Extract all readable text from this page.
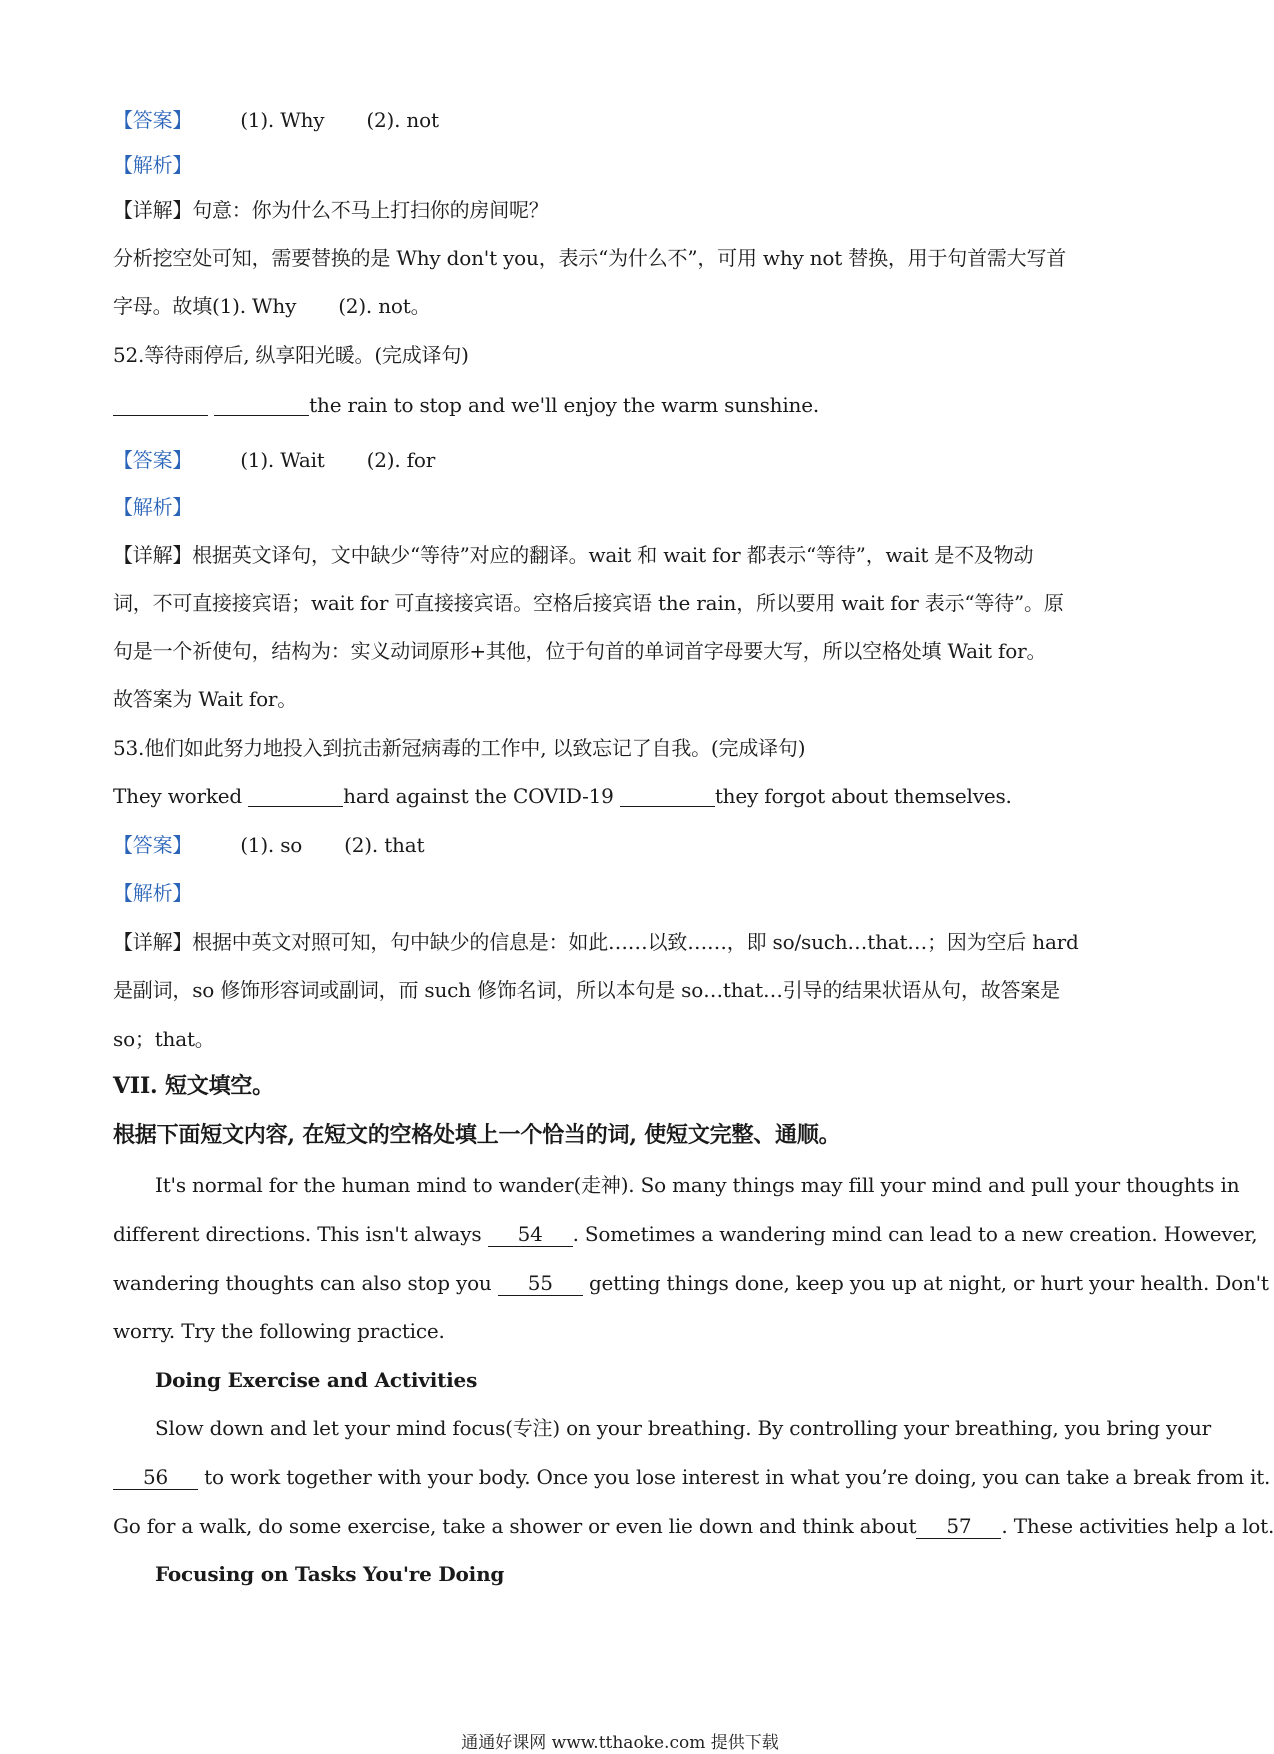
【答案】 (1). Why (2). not
【解析】
【详解】句意：你为什么不马上打扫你的房间呢？
分析挖空处可知，需要替换的是 Why don't you，表示“为什么不”，可用 why not 替换，用于句首需大写首
字母。故填(1). Why (2). not。
52.等待雨停后, 纵享阳光暖。(完成译句)
the rain to stop and we'll enjoy the warm sunshine.
【答案】 (1). Wait (2). for
【解析】
【详解】根据英文译句，文中缺少“等待”对应的翻译。wait 和 wait for 都表示“等待”，wait 是不及物动
词，不可直接接宾语；wait for 可直接接宾语。空格后接宾语 the rain，所以要用 wait for 表示“等待”。原
句是一个祈使句，结构为：实义动词原形+其他，位于句首的单词首字母要大写，所以空格处填 Wait for。
故答案为 Wait for。
53.他们如此努力地投入到抗击新冠病毒的工作中, 以致忘记了自我。(完成译句)
They worked	hard against the COVID-19	they forgot about themselves.
【答案】 (1). so (2). that
【解析】
【详解】根据中英文对照可知，句中缺少的信息是：如此……以致……，即 so/such…that…；因为空后 hard
是副词，so 修饰形容词或副词，而 such 修饰名词，所以本句是 so…that…引导的结果状语从句，故答案是
so；that。
VII. 短文填空。
根据下面短文内容, 在短文的空格处填上一个恰当的词, 使短文完整、通顺。
It's normal for the human mind to wander(走神). So many things may fill your mind and pull your thoughts in
different directions. This isn't always 54 . Sometimes a wandering mind can lead to a new creation. However,
wandering thoughts can also stop you 55 getting things done, keep you up at night, or hurt your health. Don't
worry. Try the following practice.
Doing Exercise and Activities
Slow down and let your mind focus(专注) on your breathing. By controlling your breathing, you bring your
56 to work together with your body. Once you lose interest in what you’re doing, you can take a break from it.
Go for a walk, do some exercise, take a shower or even lie down and think about 57 . These activities help a lot.
Focusing on Tasks You're Doing
通通好课网 www.tthaoke.com 提供下载
